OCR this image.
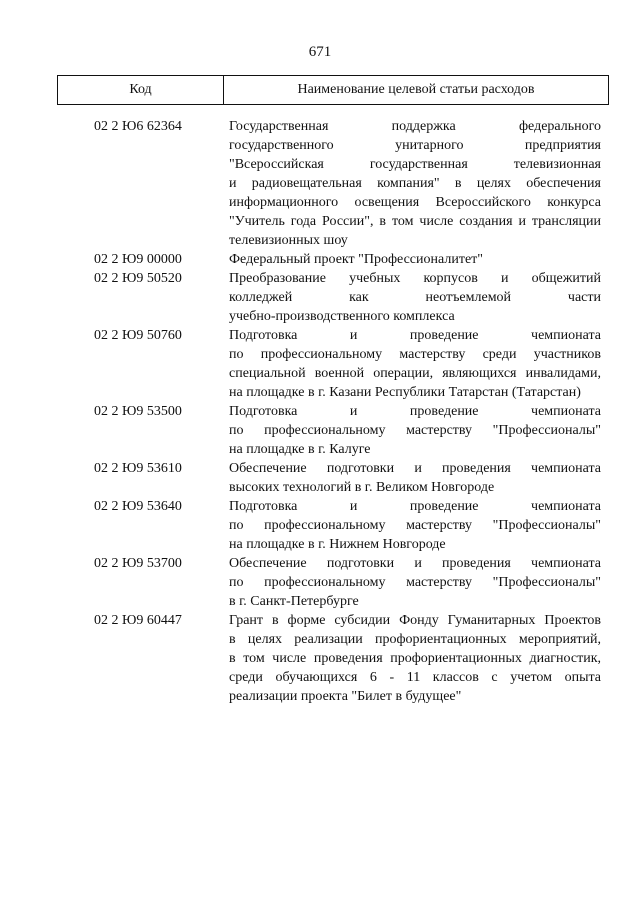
671
Код	Наименование целевой статьи расходов
02 2 Ю6 62364	Государственная поддержка федерального
государственного унитарного предприятия
"Всероссийская государственная телевизионная
и радиовещательная компания" в целях обеспечения
информационного освещения Всероссийского конкурса
"Учитель года России", в том числе создания и трансляции
телевизионных шоу
02 2 Ю9 00000	Федеральный проект "Профессионалитет"
02 2 Ю9 50520	Преобразование учебных корпусов и общежитий
колледжей как неотъемлемой части
учебно-производственного комплекса
02 2 Ю9 50760	Подготовка и проведение чемпионата
по профессиональному мастерству среди участников
специальной военной операции, являющихся инвалидами,
на площадке в г. Казани Республики Татарстан (Татарстан)
02 2 Ю9 53500	Подготовка и проведение чемпионата
по профессиональному мастерству "Профессионалы"
на площадке в г. Калуге
02 2 Ю9 53610	Обеспечение подготовки и проведения чемпионата
высоких технологий в г. Великом Новгороде
02 2 Ю9 53640	Подготовка и проведение чемпионата
по профессиональному мастерству "Профессионалы"
на площадке в г. Нижнем Новгороде
02 2 Ю9 53700	Обеспечение подготовки и проведения чемпионата
по профессиональному мастерству "Профессионалы"
в г. Санкт-Петербурге
02 2 Ю9 60447	Грант в форме субсидии Фонду Гуманитарных Проектов
в целях реализации профориентационных мероприятий,
в том числе проведения профориентационных диагностик,
среди обучающихся 6 - 11 классов с учетом опыта
реализации проекта "Билет в будущее"
